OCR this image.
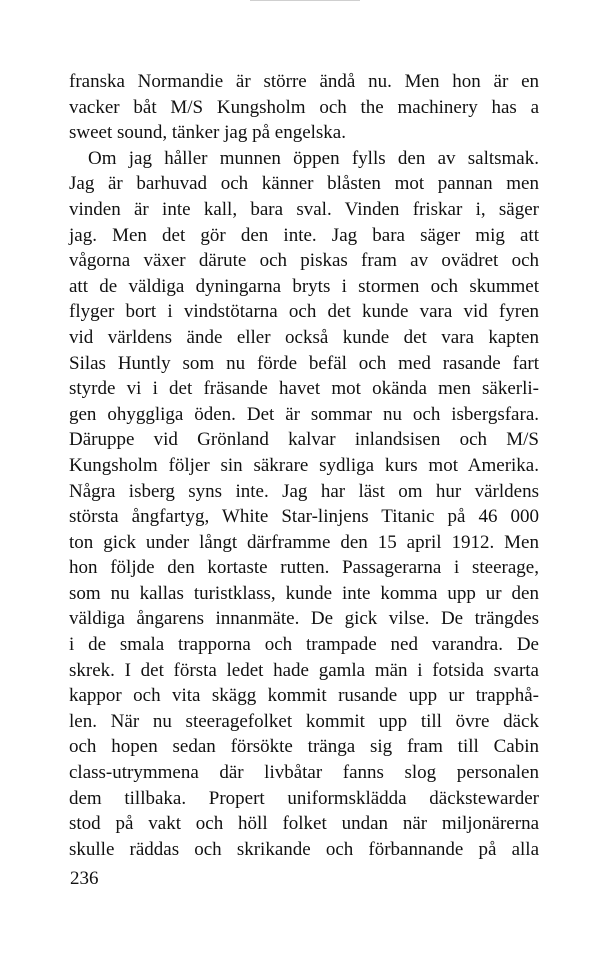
franska Normandie är större ändå nu. Men hon är en
vacker båt M/S Kungsholm och the machinery has a
sweet sound, tänker jag på engelska.
Om jag håller munnen öppen fylls den av saltsmak.
Jag är barhuvad och känner blåsten mot pannan men
vinden är inte kall, bara sval. Vinden friskar i, säger
jag. Men det gör den inte. Jag bara säger mig att
vågorna växer därute och piskas fram av ovädret och
att de väldiga dyningarna bryts i stormen och skummet
flyger bort i vindstötarna och det kunde vara vid fyren
vid världens ände eller också kunde det vara kapten
Silas Huntly som nu förde befäl och med rasande fart
styrde vi i det fräsande havet mot okända men säkerli-
gen ohyggliga öden. Det är sommar nu och isbergsfara.
Däruppe vid Grönland kalvar inlandsisen och M/S
Kungsholm följer sin säkrare sydliga kurs mot Amerika.
Några isberg syns inte. Jag har läst om hur världens
största ångfartyg, White Star-linjens Titanic på 46 000
ton gick under långt därframme den 15 april 1912. Men
hon följde den kortaste rutten. Passagerarna i steerage,
som nu kallas turistklass, kunde inte komma upp ur den
väldiga ångarens innanmäte. De gick vilse. De trängdes
i de smala trapporna och trampade ned varandra. De
skrek. I det första ledet hade gamla män i fotsida svarta
kappor och vita skägg kommit rusande upp ur trapphå-
len. När nu steeragefolket kommit upp till övre däck
och hopen sedan försökte tränga sig fram till Cabin
class-utrymmena där livbåtar fanns slog personalen
dem tillbaka. Propert uniformsklädda däckstewarder
stod på vakt och höll folket undan när miljonärerna
skulle räddas och skrikande och förbannande på alla
236
